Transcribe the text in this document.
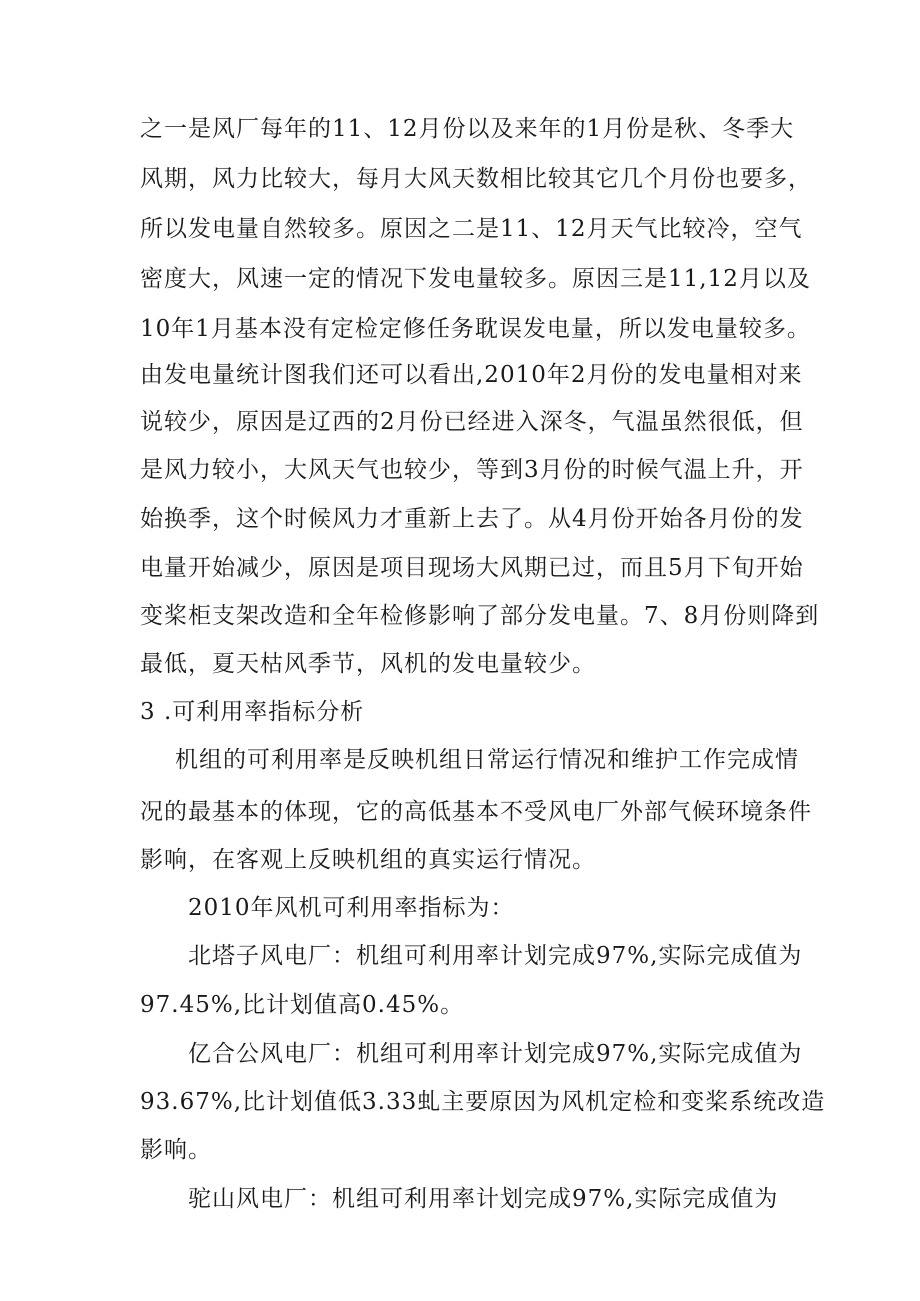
之一是风厂每年的11、12月份以及来年的1月份是秋、冬季大
风期，风力比较大，每月大风天数相比较其它几个月份也要多，
所以发电量自然较多。原因之二是11、12月天气比较冷，空气
密度大，风速一定的情况下发电量较多。原因三是11,12月以及
10年1月基本没有定检定修任务耽误发电量，所以发电量较多。
由发电量统计图我们还可以看出,2010年2月份的发电量相对来
说较少，原因是辽西的2月份已经进入深冬，气温虽然很低，但
是风力较小，大风天气也较少，等到3月份的时候气温上升，开
始换季，这个时候风力才重新上去了。从4月份开始各月份的发
电量开始减少，原因是项目现场大风期已过，而且5月下旬开始
变桨柜支架改造和全年检修影响了部分发电量。7、8月份则降到
最低，夏天枯风季节，风机的发电量较少。
3 .可利用率指标分析
机组的可利用率是反映机组日常运行情况和维护工作完成情
况的最基本的体现，它的高低基本不受风电厂外部气候环境条件
影响，在客观上反映机组的真实运行情况。
2010年风机可利用率指标为：
北塔子风电厂：机组可利用率计划完成97%,实际完成值为
97.45%,比计划值高0.45%。
亿合公风电厂：机组可利用率计划完成97%,实际完成值为
93.67%,比计划值低3.33虬主要原因为风机定检和变桨系统改造
影响。
驼山风电厂：机组可利用率计划完成97%,实际完成值为
